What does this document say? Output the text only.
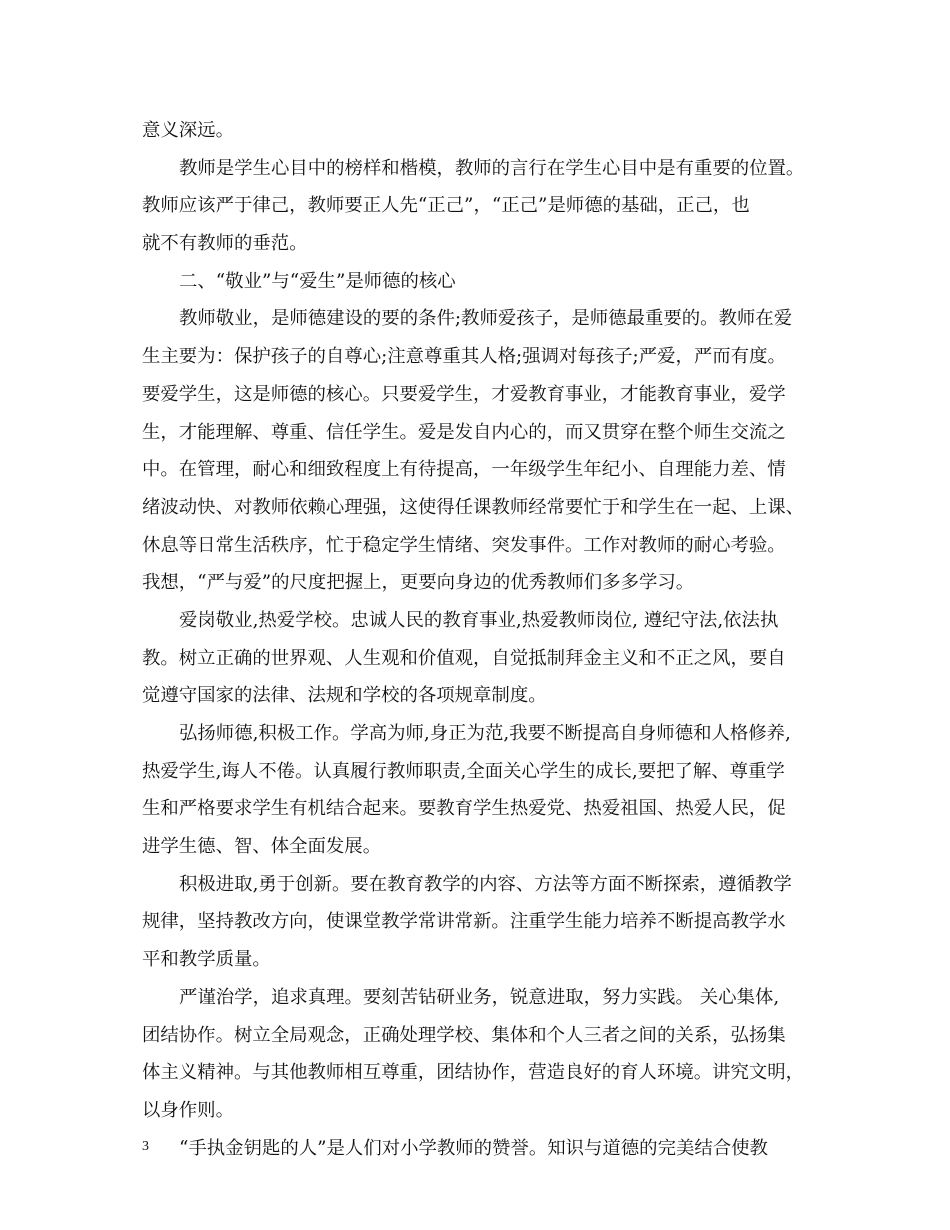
意义深远。
教师是学生心目中的榜样和楷模，教师的言行在学生心目中是有重要的位置。
教师应该严于律己，教师要正人先“正己”，“正己”是师德的基础，正己，也
就不有教师的垂范。
二、“敬业”与“爱生”是师德的核心
教师敬业，是师德建设的要的条件;教师爱孩子，是师德最重要的。教师在爱
生主要为：保护孩子的自尊心;注意尊重其人格;强调对每孩子;严爱，严而有度。
要爱学生，这是师德的核心。只要爱学生，才爱教育事业，才能教育事业，爱学
生，才能理解、尊重、信任学生。爱是发自内心的，而又贯穿在整个师生交流之
中。在管理，耐心和细致程度上有待提高，一年级学生年纪小、自理能力差、情
绪波动快、对教师依赖心理强，这使得任课教师经常要忙于和学生在一起、上课、
休息等日常生活秩序，忙于稳定学生情绪、突发事件。工作对教师的耐心考验。
我想，“严与爱”的尺度把握上，更要向身边的优秀教师们多多学习。
爱岗敬业,热爱学校。忠诚人民的教育事业,热爱教师岗位, 遵纪守法,依法执
教。树立正确的世界观、人生观和价值观，自觉抵制拜金主义和不正之风，要自
觉遵守国家的法律、法规和学校的各项规章制度。
弘扬师德,积极工作。学高为师,身正为范,我要不断提高自身师德和人格修养,
热爱学生,诲人不倦。认真履行教师职责,全面关心学生的成长,要把了解、尊重学
生和严格要求学生有机结合起来。要教育学生热爱党、热爱祖国、热爱人民，促
进学生德、智、体全面发展。
积极进取,勇于创新。要在教育教学的内容、方法等方面不断探索，遵循教学
规律，坚持教改方向，使课堂教学常讲常新。注重学生能力培养不断提高教学水
平和教学质量。
严谨治学，追求真理。要刻苦钻研业务，锐意进取，努力实践。 关心集体,
团结协作。树立全局观念，正确处理学校、集体和个人三者之间的关系，弘扬集
体主义精神。与其他教师相互尊重，团结协作，营造良好的育人环境。讲究文明，
以身作则。
“手执金钥匙的人”是人们对小学教师的赞誉。知识与道德的完美结合使教
3
